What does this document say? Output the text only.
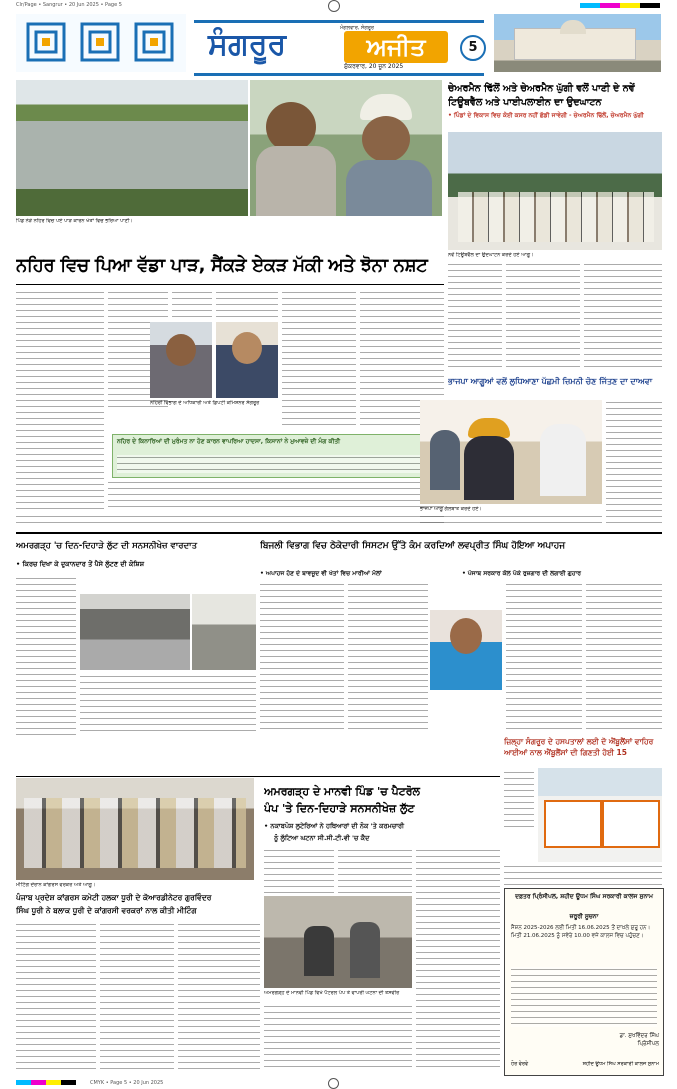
Clr/Page • Sangrur • 20 Jun 2025 • Page 5
ਸੰਗਰੂਰ	ਮੰਗਲਵਾਰ, ਸੰਗਰੂਰ
ਅਜੀਤ
ਸ਼ੁੱਕਰਵਾਰ, 20 ਜੂਨ 2025
5
ਪਿੰਡ ਨੇੜੇ ਨਹਿਰ ਵਿਚ ਪਏ ਪਾੜ ਕਾਰਨ ਖੇਤਾਂ ਵਿਚ ਭਰਿਆ ਪਾਣੀ।
ਨਹਿਰ ਵਿਚ ਪਿਆ ਵੱਡਾ ਪਾੜ, ਸੈਂਕੜੇ ਏਕੜ ਮੱਕੀ ਅਤੇ ਝੋਨਾ ਨਸ਼ਟ
ਨਹਿਰੀ ਵਿਭਾਗ ਦੇ ਅਧਿਕਾਰੀ ਅਤੇ ਡਿਪਟੀ ਕਮਿਸ਼ਨਰ ਸੰਗਰੂਰ
ਨਹਿਰ ਦੇ ਕਿਨਾਰਿਆਂ ਦੀ ਮੁਰੰਮਤ ਨਾ ਹੋਣ ਕਾਰਨ ਵਾਪਰਿਆ ਹਾਦਸਾ, ਕਿਸਾਨਾਂ ਨੇ ਮੁਆਵਜ਼ੇ ਦੀ ਮੰਗ ਕੀਤੀ
ਚੇਅਰਮੈਨ ਢਿੱਲੋਂ ਅਤੇ ਚੇਅਰਮੈਨ ਘੁੱਗੀ ਵਲੋਂ ਪਾਣੀ ਦੇ ਨਵੇਂ ਟਿਊਬਵੈੱਲ ਅਤੇ ਪਾਈਪਲਾਈਨ ਦਾ ਉਦਘਾਟਨ
• ਪਿੰਡਾਂ ਦੇ ਵਿਕਾਸ ਵਿਚ ਕੋਈ ਕਸਰ ਨਹੀਂ ਛੱਡੀ ਜਾਵੇਗੀ - ਚੇਅਰਮੈਨ ਢਿੱਲੋਂ, ਚੇਅਰਮੈਨ ਘੁੱਗੀ
ਨਵੇਂ ਟਿਊਬਵੈੱਲ ਦਾ ਉਦਘਾਟਨ ਕਰਦੇ ਹੋਏ ਆਗੂ।
ਭਾਜਪਾ ਆਗੂਆਂ ਵਲੋਂ ਲੁਧਿਆਣਾ ਪੱਛਮੀ ਜ਼ਿਮਨੀ ਚੋਣ ਜਿੱਤਣ ਦਾ ਦਾਅਵਾ
ਭਾਜਪਾ ਆਗੂ ਗੱਲਬਾਤ ਕਰਦੇ ਹੋਏ।
ਅਮਰਗੜ੍ਹ 'ਚ ਦਿਨ-ਦਿਹਾੜੇ ਲੁੱਟ ਦੀ ਸਨਸਨੀਖੇਜ਼ ਵਾਰਦਾਤ
• ਕਿਰਚ ਦਿਖਾ ਕੇ ਦੁਕਾਨਦਾਰ ਤੋਂ ਪੈਸੇ ਲੁੱਟਣ ਦੀ ਕੋਸ਼ਿਸ਼
ਬਿਜਲੀ ਵਿਭਾਗ ਵਿਚ ਠੇਕੇਦਾਰੀ ਸਿਸਟਮ ਉੱਤੇ ਕੰਮ ਕਰਦਿਆਂ ਲਵਪ੍ਰੀਤ ਸਿੰਘ ਹੋਇਆ ਅਪਾਹਜ
• ਅਪਾਹਜ ਹੋਣ ਦੇ ਬਾਵਜੂਦ ਵੀ ਖੇਤਾਂ ਵਿਚ ਮਾਰੀਆਂ ਮੱਲਾਂ	• ਪੰਜਾਬ ਸਰਕਾਰ ਕੋਲ ਪੱਕੇ ਰੁਜ਼ਗਾਰ ਦੀ ਲਗਾਈ ਗੁਹਾਰ
ਜ਼ਿਲ੍ਹਾ ਸੰਗਰੂਰ ਦੇ ਹਸਪਤਾਲਾਂ ਲਈ ਦੋ ਐਂਬੂਲੈਂਸਾਂ ਵਾਹਿਰ ਆਈਆਂ ਨਾਲ ਐਂਬੂਲੈਂਸਾਂ ਦੀ ਗਿਣਤੀ ਹੋਈ 15
ਮੀਟਿੰਗ ਦੌਰਾਨ ਕਾਂਗਰਸ ਵਰਕਰ ਅਤੇ ਆਗੂ।
ਪੰਜਾਬ ਪ੍ਰਦੇਸ਼ ਕਾਂਗਰਸ ਕਮੇਟੀ ਹਲਕਾ ਧੂਰੀ ਦੇ ਕੋਆਰਡੀਨੇਟਰ ਗੁਰਵਿੰਦਰ
ਸਿੰਘ ਧੂਰੀ ਨੇ ਬਲਾਕ ਧੂਰੀ ਦੇ ਕਾਂਗਰਸੀ ਵਰਕਰਾਂ ਨਾਲ ਕੀਤੀ ਮੀਟਿੰਗ
ਅਮਰਗੜ੍ਹ ਦੇ ਮਾਨਵੀ ਪਿੰਡ 'ਚ ਪੈਟਰੋਲ
ਪੰਪ 'ਤੇ ਦਿਨ-ਦਿਹਾੜੇ ਸਨਸਨੀਖੇਜ਼ ਲੁੱਟ
• ਨਕਾਬਪੋਸ਼ ਲੁਟੇਰਿਆਂ ਨੇ ਹਥਿਆਰਾਂ ਦੀ ਨੋਕ 'ਤੇ ਕਰਮਚਾਰੀ
ਨੂੰ ਲੁੱਟਿਆ ਘਟਨਾ ਸੀ.ਸੀ.ਟੀ.ਵੀ 'ਚ ਕੈਦ
ਅਮਰਗੜ੍ਹ ਦੇ ਮਾਨਵੀ ਪਿੰਡ ਵਿਖੇ ਪੈਟਰੋਲ ਪੰਪ ਤੇ ਵਾਪਰੀ ਘਟਨਾ ਦੀ ਤਸਵੀਰ
ਦਫ਼ਤਰ ਪ੍ਰਿੰਸੀਪਲ, ਸ਼ਹੀਦ ਊਧਮ ਸਿੰਘ ਸਰਕਾਰੀ ਕਾਲਜ ਸੁਨਾਮ
ਜ਼ਰੂਰੀ ਸੂਚਨਾ
ਸੈਸ਼ਨ 2025-2026 ਲਈ ਮਿਤੀ 16.06.2025 ਤੋਂ ਦਾਖ਼ਲੇ ਸ਼ੁਰੂ ਹਨ। ਮਿਤੀ 21.06.2025 ਨੂੰ ਸਵੇਰੇ 10.00 ਵਜੇ ਕਾਲਜ ਵਿਚ ਪਹੁੰਚਣ।
ਡਾ. ਸੁਖਵਿੰਦਰ ਸਿੰਘ
ਪ੍ਰਿੰਸੀਪਲ
ਹੋਰ ਵੇਰਵੇ	ਸ਼ਹੀਦ ਊਧਮ ਸਿੰਘ ਸਰਕਾਰੀ ਕਾਲਜ ਸੁਨਾਮ
CMYK • Page 5 • 20 Jun 2025
